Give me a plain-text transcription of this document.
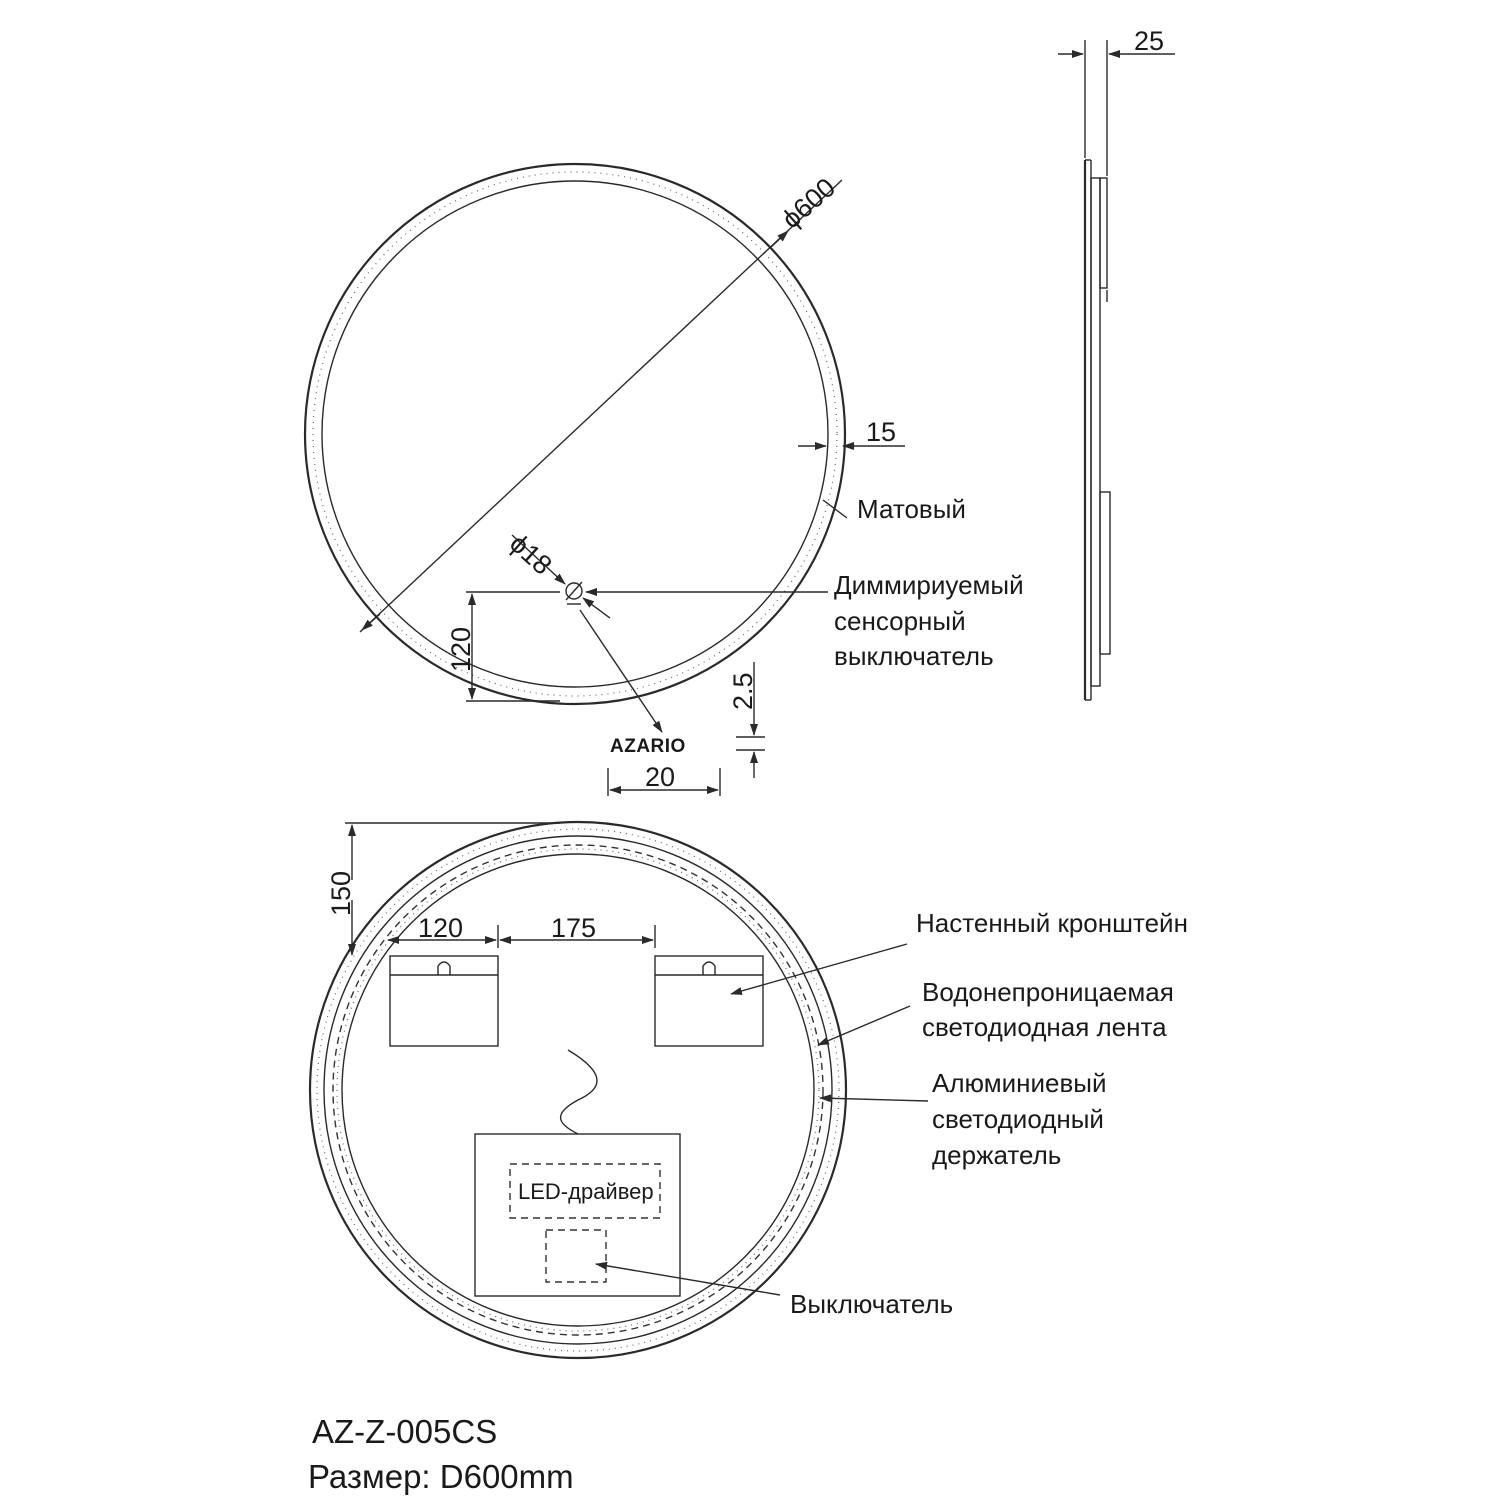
ϕ600
15
Матовый
ϕ18
Диммириуемый
сенсорный
выключатель
120
AZARIO
2.5
20
25
150
120	175
LED-драйвер
Настенный кронштейн
Водонепроницаемая
светодиодная лента
Алюминиевый
светодиодный
держатель
Выключатель
AZ-Z-005CS
Размер: D600mm
